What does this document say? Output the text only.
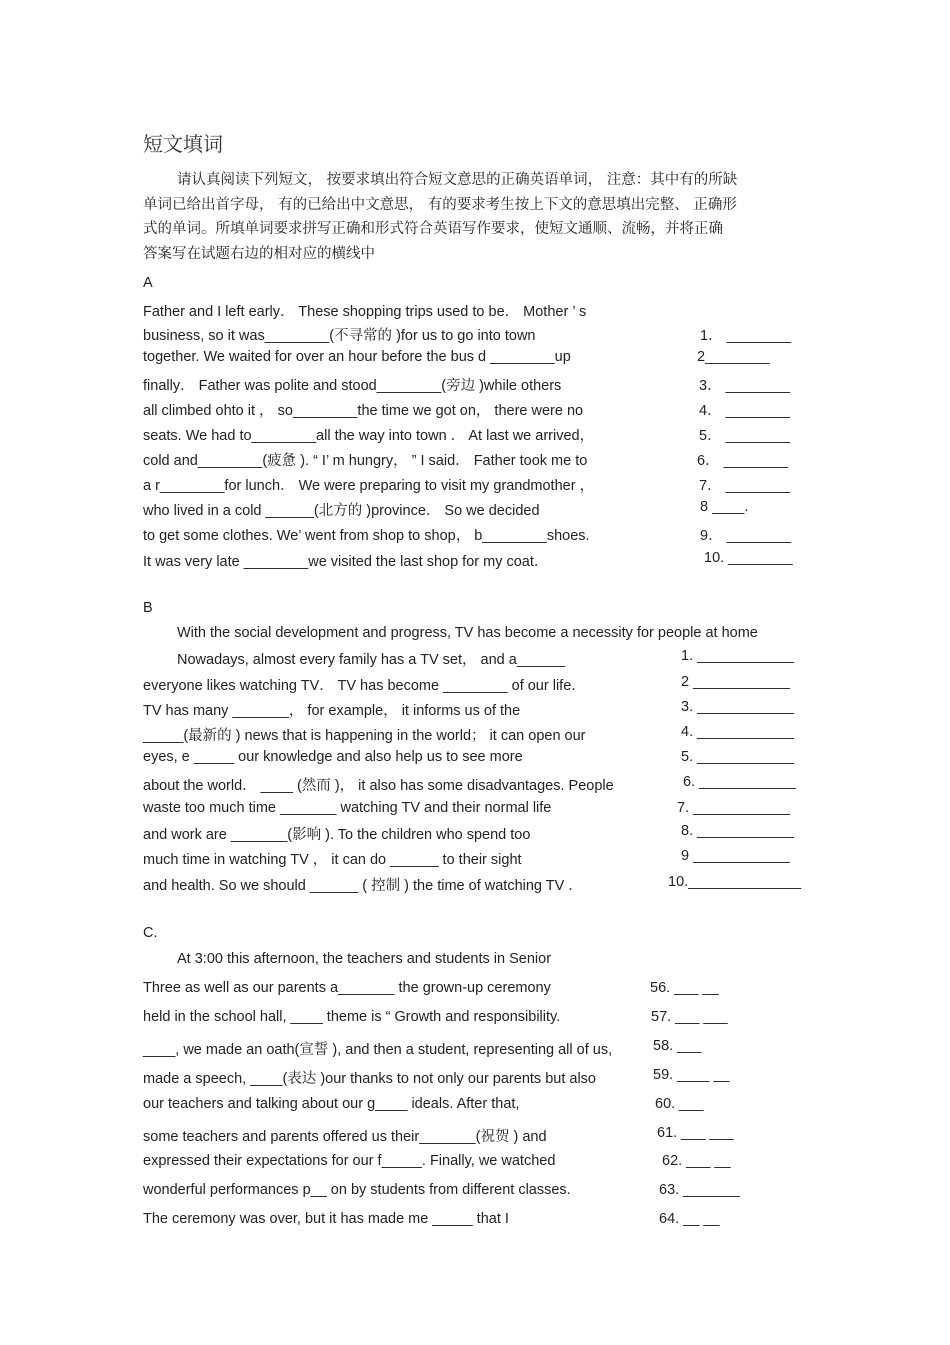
短文填词
请认真阅读下列短文， 按要求填出符合短文意思的正确英语单词， 注意：其中有的所缺
单词已给出首字母， 有的已给出中文意思， 有的要求考生按上下文的意思填出完整、 正确形
式的单词。所填单词要求拼写正确和形式符合英语写作要求，使短文通顺、流畅，并将正确
答案写在试题右边的相对应的横线中
A
Father and I left early． These shopping trips used to be． Mother ’ s
business, so it was________(不寻常的 )for us to go into town	1． ________
together. We waited for over an hour before the bus d ________up	2________
finally． Father was polite and stood________(旁边 )while others	3． ________
all climbed ohto it ， so________the time we got on， there were no	4． ________
seats. We had to________all the way into town ． At last we arrived，	5． ________
cold and________(疲惫 ). “ I’ m hungry， ” I said． Father took me to	6． ________
a r________for lunch． We were preparing to visit my grandmother ，	7． ________
who lived in a cold ______(北方的 )province． So we decided	8 ____.
to get some clothes. We’ went from shop to shop， b________shoes.	9． ________
It was very late ________we visited the last shop for my coat．	10. ________
B
With the social development and progress, TV has become a necessity for people at home
Nowadays, almost every family has a TV set， and a______	1. ____________
everyone likes watching TV． TV has become ________ of our life．	2 ____________
TV has many _______， for example， it informs us of the	3. ____________
_____(最新的 ) news that is happening in the world； it can open our	4. ____________
eyes, e _____ our knowledge and also help us to see more	5. ____________
about the world． ____ (然而 )， it also has some disadvantages. People	6. ____________
waste too much time _______ watching TV and their normal life	7. ____________
and work are _______(影响 ). To the children who spend too	8. ____________
much time in watching TV ， it can do ______ to their sight	9 ____________
and health. So we should ______ ( 控制 ) the time of watching TV ．	10.______________
C.
At 3:00 this afternoon, the teachers and students in Senior
Three as well as our parents a_______ the grown-up ceremony	56. ___ __
held in the school hall, ____ theme is “ Growth and responsibility.	57. ___ ___
____, we made an oath(宣誓 ), and then a student, representing all of us,	58. ___
made a speech, ____(表达 )our thanks to not only our parents but also	59. ____ __
our teachers and talking about our g____ ideals. After that,	60. ___
some teachers and parents offered us their_______(祝贺 ) and	61. ___ ___
expressed their expectations for our f_____. Finally, we watched	62. ___ __
wonderful performances p__ on by students from different classes.	63. _______
The ceremony was over, but it has made me _____ that I	64. __ __
